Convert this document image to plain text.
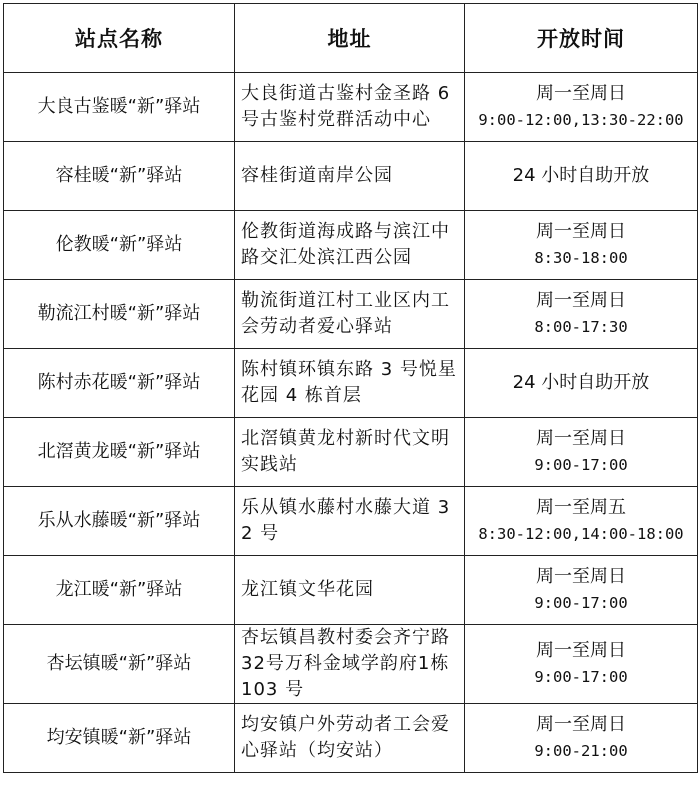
站点名称	地址	开放时间
大良古鉴暖“新”驿站	大良街道古鉴村金圣路 6 号古鉴村党群活动中心	周一至周日
9:00-12:00,13:30-22:00

容桂暖“新”驿站	容桂街道南岸公园	24 小时自助开放

伦教暖“新”驿站	伦教街道海成路与滨江中路交汇处滨江西公园	周一至周日
8:30-18:00

勒流江村暖“新”驿站	勒流街道江村工业区内工会劳动者爱心驿站	周一至周日
8:00-17:30

陈村赤花暖“新”驿站	陈村镇环镇东路 3 号悦星花园 4 栋首层	24 小时自助开放

北滘黄龙暖“新”驿站	北滘镇黄龙村新时代文明实践站	周一至周日
9:00-17:00

乐从水藤暖“新”驿站	乐从镇水藤村水藤大道 32 号	周一至周五
8:30-12:00,14:00-18:00

龙江暖“新”驿站	龙江镇文华花园	周一至周日
9:00-17:00

杏坛镇暖“新”驿站	杏坛镇昌教村委会齐宁路32号万科金域学韵府1栋 103 号	周一至周日
9:00-17:00

均安镇暖“新”驿站	均安镇户外劳动者工会爱心驿站（均安站）	周一至周日
9:00-21:00
